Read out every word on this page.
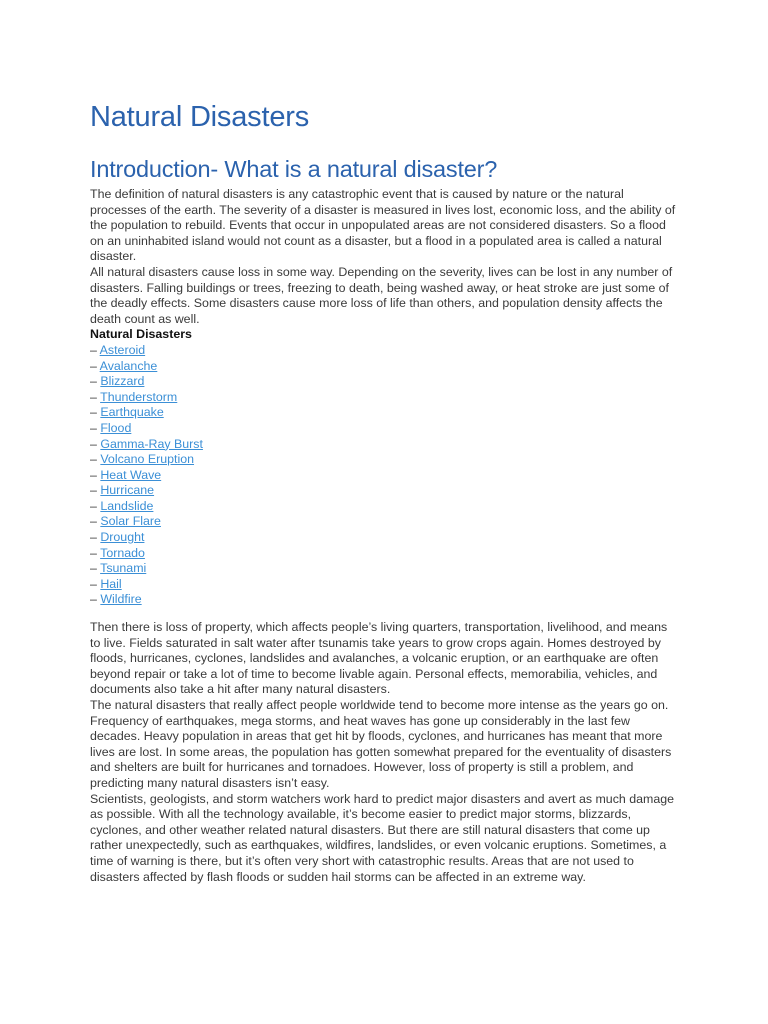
Natural Disasters
Introduction- What is a natural disaster?

The definition of natural disasters is any catastrophic event that is caused by nature or the natural processes of the earth. The severity of a disaster is measured in lives lost, economic loss, and the ability of the population to rebuild. Events that occur in unpopulated areas are not considered disasters. So a flood on an uninhabited island would not count as a disaster, but a flood in a populated area is called a natural disaster.

All natural disasters cause loss in some way. Depending on the severity, lives can be lost in any number of disasters. Falling buildings or trees, freezing to death, being washed away, or heat stroke are just some of the deadly effects. Some disasters cause more loss of life than others, and population density affects the death count as well.

Natural Disasters
– Asteroid
– Avalanche
– Blizzard
– Thunderstorm
– Earthquake
– Flood
– Gamma-Ray Burst
– Volcano Eruption
– Heat Wave
– Hurricane
– Landslide
– Solar Flare
– Drought
– Tornado
– Tsunami
– Hail
– Wildfire

Then there is loss of property, which affects people’s living quarters, transportation, livelihood, and means to live. Fields saturated in salt water after tsunamis take years to grow crops again. Homes destroyed by floods, hurricanes, cyclones, landslides and avalanches, a volcanic eruption, or an earthquake are often beyond repair or take a lot of time to become livable again. Personal effects, memorabilia, vehicles, and documents also take a hit after many natural disasters.

The natural disasters that really affect people worldwide tend to become more intense as the years go on. Frequency of earthquakes, mega storms, and heat waves has gone up considerably in the last few decades. Heavy population in areas that get hit by floods, cyclones, and hurricanes has meant that more lives are lost. In some areas, the population has gotten somewhat prepared for the eventuality of disasters and shelters are built for hurricanes and tornadoes. However, loss of property is still a problem, and predicting many natural disasters isn’t easy.

Scientists, geologists, and storm watchers work hard to predict major disasters and avert as much damage as possible. With all the technology available, it’s become easier to predict major storms, blizzards, cyclones, and other weather related natural disasters. But there are still natural disasters that come up rather unexpectedly, such as earthquakes, wildfires, landslides, or even volcanic eruptions. Sometimes, a time of warning is there, but it’s often very short with catastrophic results. Areas that are not used to disasters affected by flash floods or sudden hail storms can be affected in an extreme way.
